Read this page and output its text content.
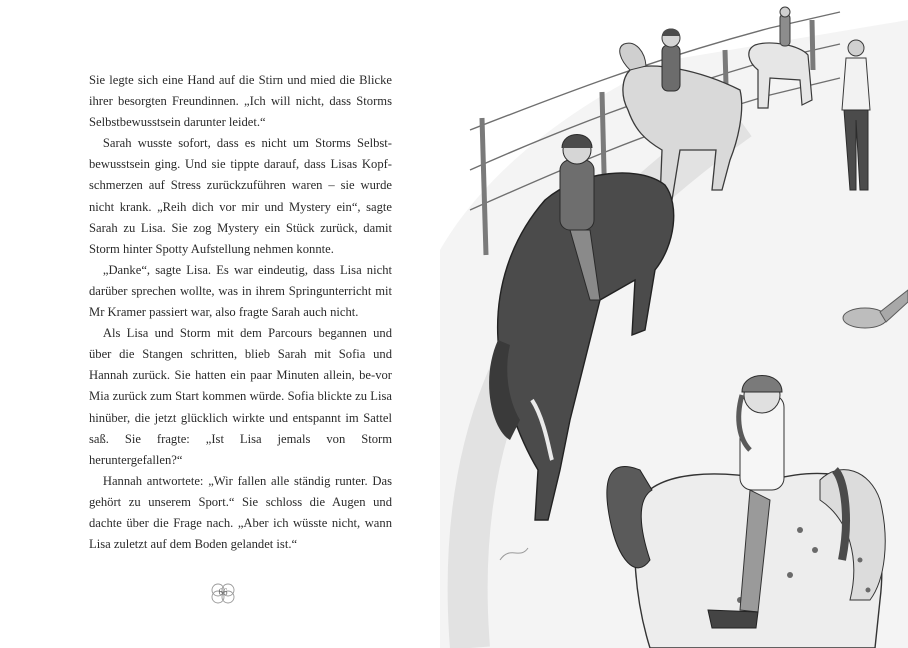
Sie legte sich eine Hand auf die Stirn und mied die Blicke ihrer besorgten Freundinnen. „Ich will nicht, dass Storms Selbstbewusstsein darunter leidet.“

Sarah wusste sofort, dass es nicht um Storms Selbst-bewusstsein ging. Und sie tippte darauf, dass Lisas Kopf-schmerzen auf Stress zurückzuführen waren – sie wurde nicht krank. „Reih dich vor mir und Mystery ein“, sagte Sarah zu Lisa. Sie zog Mystery ein Stück zurück, damit Storm hinter Spotty Aufstellung nehmen konnte.

„Danke“, sagte Lisa. Es war eindeutig, dass Lisa nicht darüber sprechen wollte, was in ihrem Springunterricht mit Mr Kramer passiert war, also fragte Sarah auch nicht.

Als Lisa und Storm mit dem Parcours begannen und über die Stangen schritten, blieb Sarah mit Sofia und Hannah zurück. Sie hatten ein paar Minuten allein, be-vor Mia zurück zum Start kommen würde. Sofia blickte zu Lisa hinüber, die jetzt glücklich wirkte und entspannt im Sattel saß. Sie fragte: „Ist Lisa jemals von Storm heruntergefallen?“

Hannah antwortete: „Wir fallen alle ständig runter. Das gehört zu unserem Sport.“ Sie schloss die Augen und dachte über die Frage nach. „Aber ich wüsste nicht, wann Lisa zuletzt auf dem Boden gelandet ist.“

66
